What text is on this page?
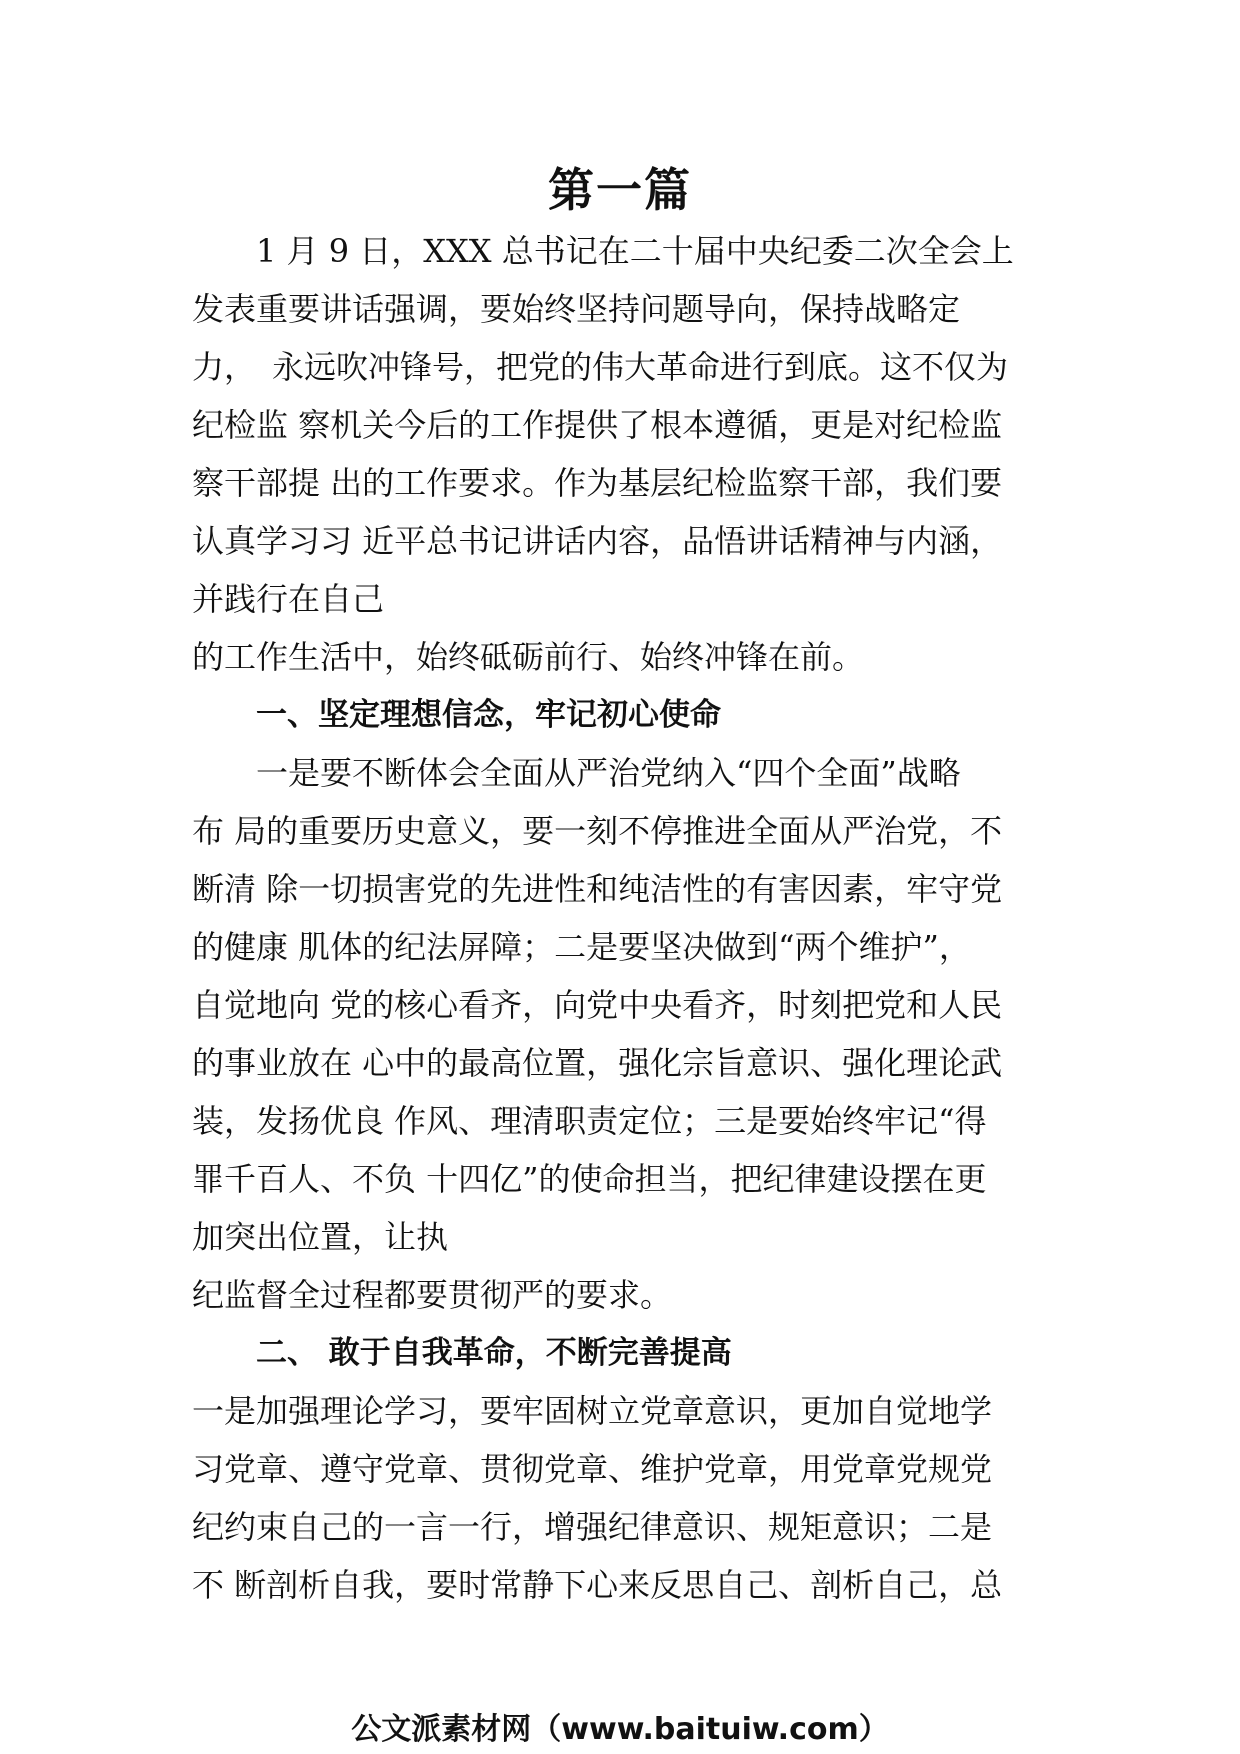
第一篇
1 月 9 日，XXX 总书记在二十届中央纪委二次全会上
发表重要讲话强调，要始终坚持问题导向，保持战略定
力，　永远吹冲锋号，把党的伟大革命进行到底。这不仅为
纪检监 察机关今后的工作提供了根本遵循，更是对纪检监
察干部提 出的工作要求。作为基层纪检监察干部，我们要
认真学习习 近平总书记讲话内容，品悟讲话精神与内涵，
并践行在自己
的工作生活中，始终砥砺前行、始终冲锋在前。
一、坚定理想信念，牢记初心使命
一是要不断体会全面从严治党纳入“四个全面”战略
布 局的重要历史意义，要一刻不停推进全面从严治党，不
断清 除一切损害党的先进性和纯洁性的有害因素，牢守党
的健康 肌体的纪法屏障；二是要坚决做到“两个维护”，
自觉地向 党的核心看齐，向党中央看齐，时刻把党和人民
的事业放在 心中的最高位置，强化宗旨意识、强化理论武
装，发扬优良 作风、理清职责定位；三是要始终牢记“得
罪千百人、不负 十四亿”的使命担当，把纪律建设摆在更
加突出位置，让执
纪监督全过程都要贯彻严的要求。
二、 敢于自我革命，不断完善提高
一是加强理论学习，要牢固树立党章意识，更加自觉地学
习党章、遵守党章、贯彻党章、维护党章，用党章党规党
纪约束自己的一言一行，增强纪律意识、规矩意识；二是
不 断剖析自我，要时常静下心来反思自己、剖析自己，总
公文派素材网（www.baituiw.com）
